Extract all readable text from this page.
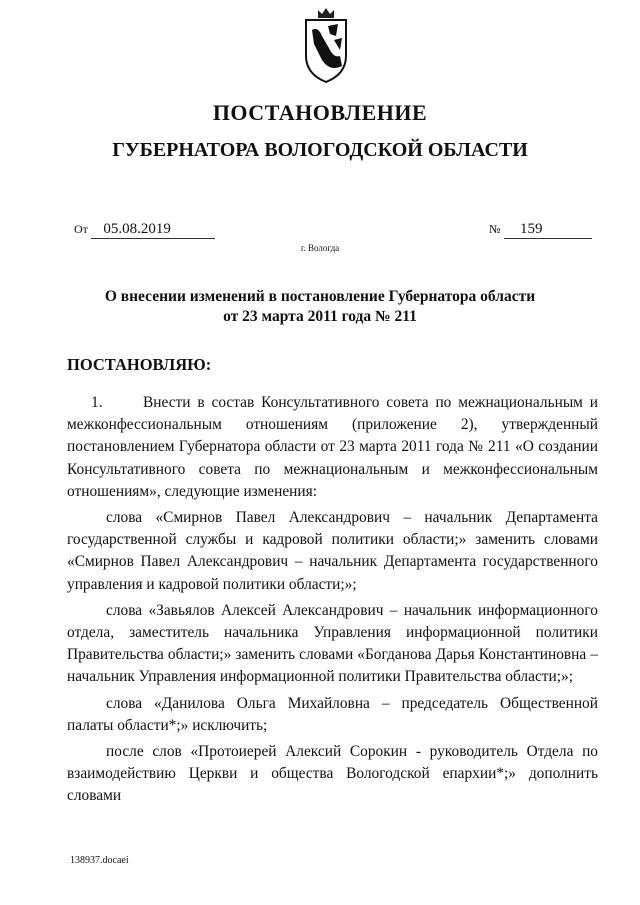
ПОСТАНОВЛЕНИЕ
ГУБЕРНАТОРА ВОЛОГОДСКОЙ ОБЛАСТИ
От 05.08.2019	№ 159
г. Вологда
О внесении изменений в постановление Губернатора области
от 23 марта 2011 года № 211
ПОСТАНОВЛЯЮ:

1.	Внести в состав Консультативного совета по межнациональным и межконфессиональным отношениям (приложение 2), утвержденный постановлением Губернатора области от 23 марта 2011 года № 211 «О создании Консультативного совета по межнациональным и межконфессиональным отношениям», следующие изменения:

слова «Смирнов Павел Александрович – начальник Департамента государственной службы и кадровой политики области;» заменить словами «Смирнов Павел Александрович – начальник Департамента государственного управления и кадровой политики области;»;

слова «Завьялов Алексей Александрович – начальник информационного отдела, заместитель начальника Управления информационной политики Правительства области;» заменить словами «Богданова Дарья Константиновна – начальник Управления информационной политики Правительства области;»;

слова «Данилова Ольга Михайловна – председатель Общественной палаты области*;» исключить;

после слов «Протоиерей Алексий Сорокин - руководитель Отдела по взаимодействию Церкви и общества Вологодской епархии*;» дополнить словами

138937.docaei
